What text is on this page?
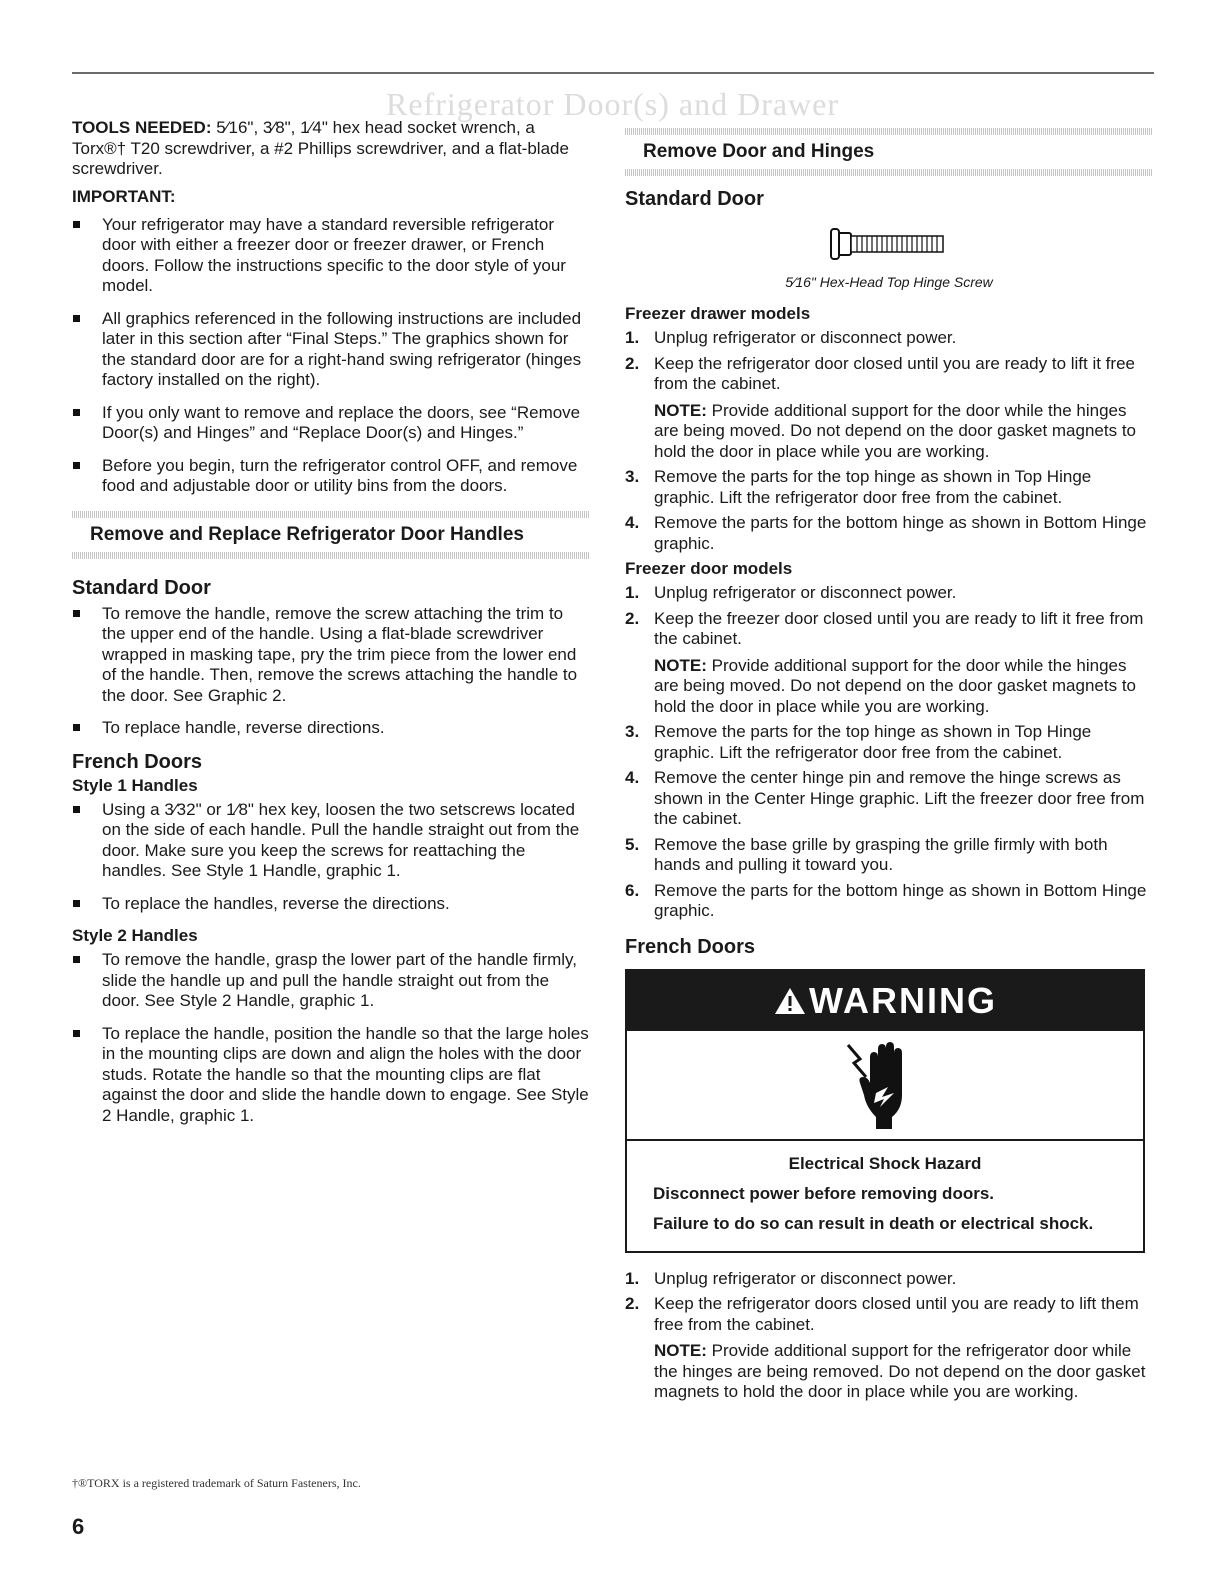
Refrigerator Door(s) and Drawer

TOOLS NEEDED: 5⁄16", 3⁄8", 1⁄4" hex head socket wrench, a Torx®† T20 screwdriver, a #2 Phillips screwdriver, and a flat-blade screwdriver.

IMPORTANT:
Your refrigerator may have a standard reversible refrigerator door with either a freezer door or freezer drawer, or French doors. Follow the instructions specific to the door style of your model.
All graphics referenced in the following instructions are included later in this section after “Final Steps.” The graphics shown for the standard door are for a right-hand swing refrigerator (hinges factory installed on the right).
If you only want to remove and replace the doors, see “Remove Door(s) and Hinges” and “Replace Door(s) and Hinges.”
Before you begin, turn the refrigerator control OFF, and remove food and adjustable door or utility bins from the doors.
Remove and Replace Refrigerator Door Handles
Standard Door
To remove the handle, remove the screw attaching the trim to the upper end of the handle. Using a flat-blade screwdriver wrapped in masking tape, pry the trim piece from the lower end of the handle. Then, remove the screws attaching the handle to the door. See Graphic 2.
To replace handle, reverse directions.
French Doors
Style 1 Handles
Using a 3⁄32" or 1⁄8" hex key, loosen the two setscrews located on the side of each handle. Pull the handle straight out from the door. Make sure you keep the screws for reattaching the handles. See Style 1 Handle, graphic 1.
To replace the handles, reverse the directions.
Style 2 Handles
To remove the handle, grasp the lower part of the handle firmly, slide the handle up and pull the handle straight out from the door. See Style 2 Handle, graphic 1.
To replace the handle, position the handle so that the large holes in the mounting clips are down and align the holes with the door studs. Rotate the handle so that the mounting clips are flat against the door and slide the handle down to engage. See Style 2 Handle, graphic 1.
Remove Door and Hinges
Standard Door
5⁄16" Hex-Head Top Hinge Screw
Freezer drawer models
1. Unplug refrigerator or disconnect power.
2. Keep the refrigerator door closed until you are ready to lift it free from the cabinet.

NOTE: Provide additional support for the door while the hinges are being moved. Do not depend on the door gasket magnets to hold the door in place while you are working.

3. Remove the parts for the top hinge as shown in Top Hinge graphic. Lift the refrigerator door free from the cabinet.
4. Remove the parts for the bottom hinge as shown in Bottom Hinge graphic.
Freezer door models
1. Unplug refrigerator or disconnect power.
2. Keep the freezer door closed until you are ready to lift it free from the cabinet.

NOTE: Provide additional support for the door while the hinges are being moved. Do not depend on the door gasket magnets to hold the door in place while you are working.

3. Remove the parts for the top hinge as shown in Top Hinge graphic. Lift the refrigerator door free from the cabinet.
4. Remove the center hinge pin and remove the hinge screws as shown in the Center Hinge graphic. Lift the freezer door free from the cabinet.
5. Remove the base grille by grasping the grille firmly with both hands and pulling it toward you.
6. Remove the parts for the bottom hinge as shown in Bottom Hinge graphic.
French Doors
WARNING

Electrical Shock Hazard

Disconnect power before removing doors.

Failure to do so can result in death or electrical shock.

1. Unplug refrigerator or disconnect power.
2. Keep the refrigerator doors closed until you are ready to lift them free from the cabinet.

NOTE: Provide additional support for the refrigerator door while the hinges are being removed. Do not depend on the door gasket magnets to hold the door in place while you are working.

†®TORX is a registered trademark of Saturn Fasteners, Inc.
6
